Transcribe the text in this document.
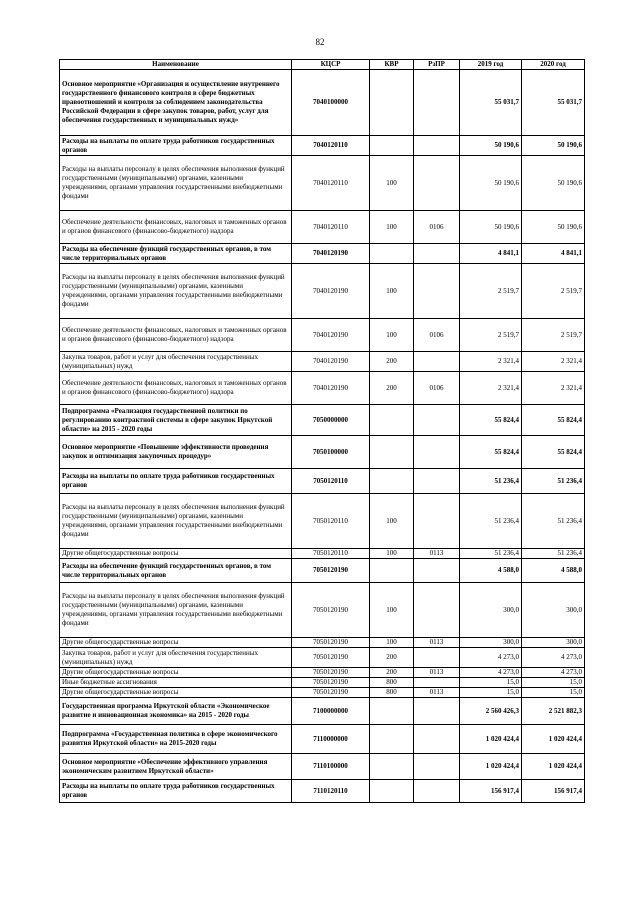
82
Наименование	КЦСР	КВР	РзПР	2019 год	2020 год
Основное мероприятие «Организация и осуществление внутреннего государственного финансового контроля в сфере бюджетных правоотношений и контроля за соблюдением законодательства Российской Федерации в сфере закупок товаров, работ, услуг для обеспечения государственных и муниципальных нужд»	7040100000			55 031,7	55 031,7
Расходы на выплаты по оплате труда работников государственных органов	7040120110			50 190,6	50 190,6
Расходы на выплаты персоналу в целях обеспечения выполнения функций государственными (муниципальными) органами, казенными учреждениями, органами управления государственными внебюджетными фондами	7040120110	100		50 190,6	50 190,6
Обеспечение деятельности финансовых, налоговых и таможенных органов и органов финансового (финансово-бюджетного) надзора	7040120110	100	0106	50 190,6	50 190,6
Расходы на обеспечение функций государственных органов, в том числе территориальных органов	7040120190			4 841,1	4 841,1
Расходы на выплаты персоналу в целях обеспечения выполнения функций государственными (муниципальными) органами, казенными учреждениями, органами управления государственными внебюджетными фондами	7040120190	100		2 519,7	2 519,7
Обеспечение деятельности финансовых, налоговых и таможенных органов и органов финансового (финансово-бюджетного) надзора	7040120190	100	0106	2 519,7	2 519,7
Закупка товаров, работ и услуг для обеспечения государственных (муниципальных) нужд	7040120190	200		2 321,4	2 321,4
Обеспечение деятельности финансовых, налоговых и таможенных органов и органов финансового (финансово-бюджетного) надзора	7040120190	200	0106	2 321,4	2 321,4
Подпрограмма «Реализация государственной политики по регулированию контрактной системы в сфере закупок Иркутской области» на 2015 - 2020 годы	7050000000			55 824,4	55 824,4
Основное мероприятие «Повышение эффективности проведения закупок и оптимизация закупочных процедур»	7050100000			55 824,4	55 824,4
Расходы на выплаты по оплате труда работников государственных органов	7050120110			51 236,4	51 236,4
Расходы на выплаты персоналу в целях обеспечения выполнения функций государственными (муниципальными) органами, казенными учреждениями, органами управления государственными внебюджетными фондами	7050120110	100		51 236,4	51 236,4
Другие общегосударственные вопросы	7050120110	100	0113	51 236,4	51 236,4
Расходы на обеспечение функций государственных органов, в том числе территориальных органов	7050120190			4 588,0	4 588,0
Расходы на выплаты персоналу в целях обеспечения выполнения функций государственными (муниципальными) органами, казенными учреждениями, органами управления государственными внебюджетными фондами	7050120190	100		300,0	300,0
Другие общегосударственные вопросы	7050120190	100	0113	300,0	300,0
Закупка товаров, работ и услуг для обеспечения государственных (муниципальных) нужд	7050120190	200		4 273,0	4 273,0
Другие общегосударственные вопросы	7050120190	200	0113	4 273,0	4 273,0
Иные бюджетные ассигнования	7050120190	800		15,0	15,0
Другие общегосударственные вопросы	7050120190	800	0113	15,0	15,0
Государственная программа Иркутской области «Экономическое развитие и инновационная экономика» на 2015 - 2020 годы	7100000000			2 560 426,3	2 521 882,3
Подпрограмма «Государственная политика в сфере экономического развития Иркутской области» на 2015-2020 годы	7110000000			1 020 424,4	1 020 424,4
Основное мероприятие «Обеспечение эффективного управления экономическим развитием Иркутской области»	7110100000			1 020 424,4	1 020 424,4
Расходы на выплаты по оплате труда работников государственных органов	7110120110			156 917,4	156 917,4
